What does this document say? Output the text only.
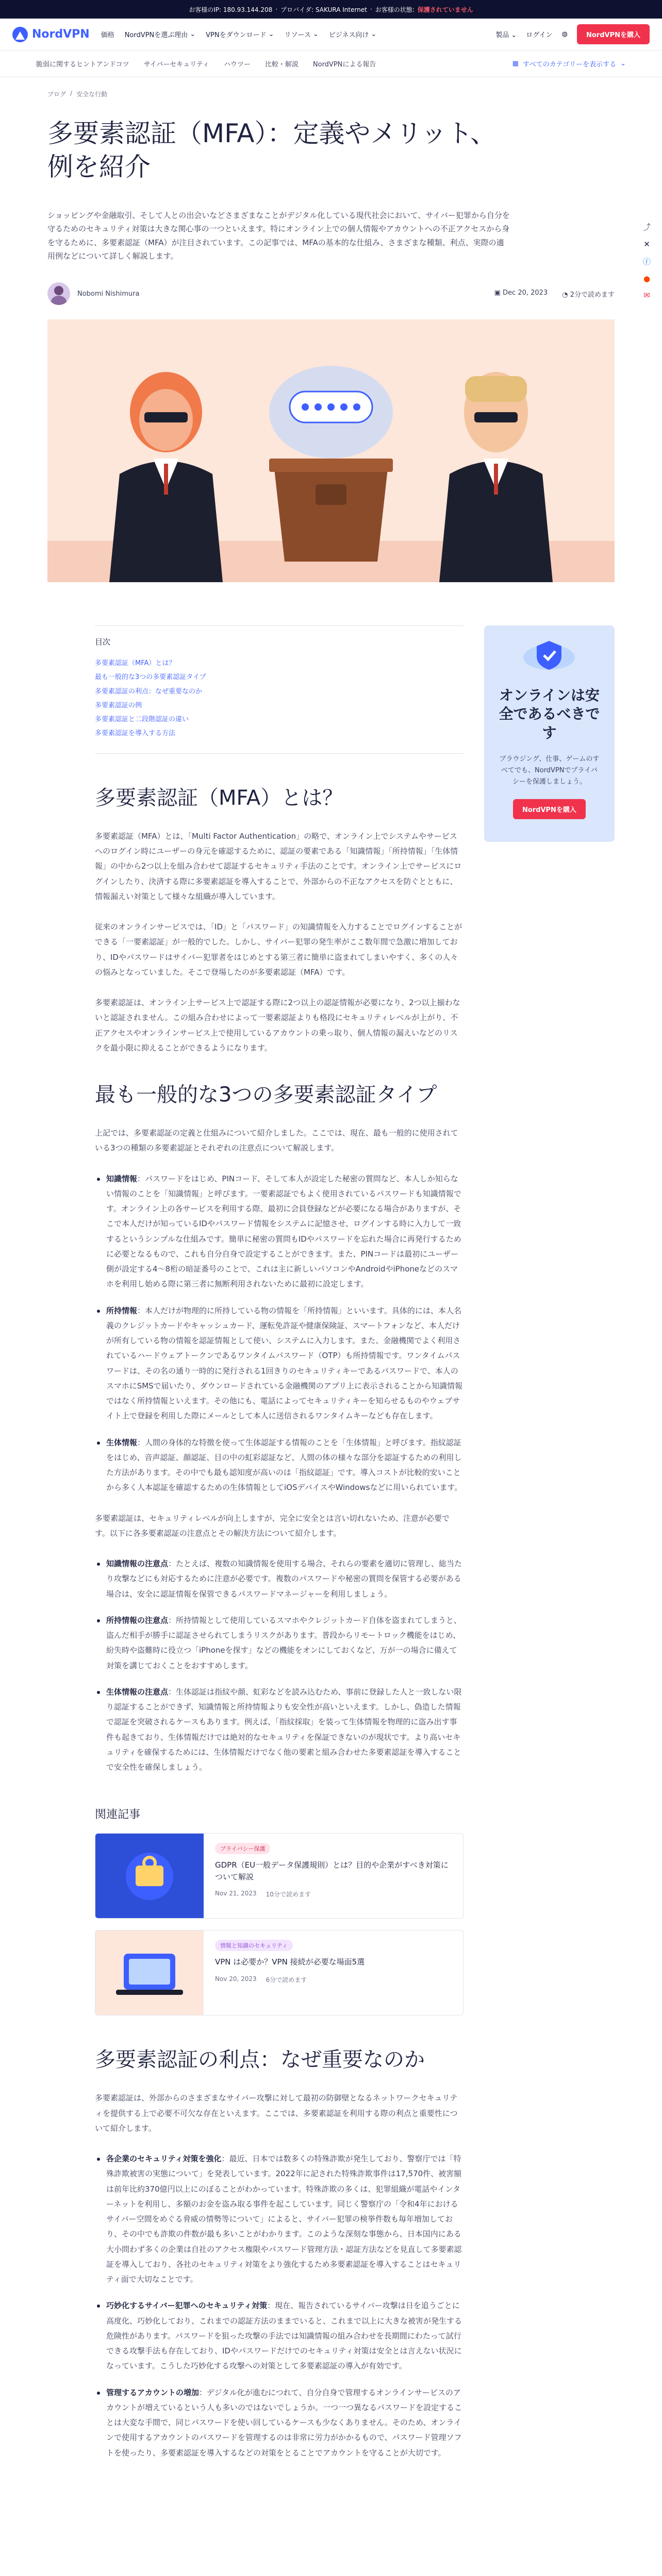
お客様のIP: 180.93.144.208 · プロバイダ: SAKURA Internet · お客様の状態: 保護されていません
NordVPN 価格 NordVPNを選ぶ理由 ⌄ VPNをダウンロード ⌄ リソース ⌄ ビジネス向け ⌄	製品 ⌄ ログイン ◍	NordVPNを購入
脆弱に関するヒントアンドコツ サイバーセキュリティ ハウツー 比較・解説 NordVPNによる報告	▦ すべてのカテゴリーを表示する ⌄
ブログ / 安全な行動
多要素認証（MFA）：定義やメリット、例を紹介
ショッピングや金融取引、そして人との出会いなどさまざまなことがデジタル化している現代社会において、サイバー犯罪から自分を守るためのセキュリティ対策は大きな関心事の一つといえます。特にオンライン上での個人情報やアカウントへの不正アクセスから身を守るために、多要素認証（MFA）が注目されています。この記事では、MFAの基本的な仕組み、さまざまな種類、利点、実際の適用例などについて詳しく解説します。
Nobomi Nishimura	▣ Dec 20, 2023 ◔ 2分で読めます
⤴
✕
ⓕ
●
✉
目次
多要素認証（MFA）とは？
最も一般的な3つの多要素認証タイプ
多要素認証の利点：なぜ重要なのか
多要素認証の例
多要素認証と二段階認証の違い
多要素認証を導入する方法
多要素認証（MFA）とは？

多要素認証（MFA）とは、「Multi Factor Authentication」の略で、オンライン上でシステムやサービスへのログイン時にユーザーの身元を確認するために、認証の要素である「知識情報」「所持情報」「生体情報」の中から2つ以上を組み合わせて認証するセキュリティ手法のことです。オンライン上でサービスにログインしたり、決済する際に多要素認証を導入することで、外部からの不正なアクセスを防ぐとともに、情報漏えい対策として様々な組織が導入しています。

従来のオンラインサービスでは、「ID」と「パスワード」の知識情報を入力することでログインすることができる「一要素認証」が一般的でした。しかし、サイバー犯罪の発生率がここ数年間で急激に増加しており、IDやパスワードはサイバー犯罪者をはじめとする第三者に簡単に盗まれてしまいやすく、多くの人々の悩みとなっていました。そこで登場したのが多要素認証（MFA）です。

多要素認証は、オンライン上サービス上で認証する際に2つ以上の認証情報が必要になり、2つ以上揃わないと認証されません。この組み合わせによって一要素認証よりも格段にセキュリティレベルが上がり、不正アクセスやオンラインサービス上で使用しているアカウントの乗っ取り、個人情報の漏えいなどのリスクを最小限に抑えることができるようになります。

最も一般的な3つの多要素認証タイプ

上記では、多要素認証の定義と仕組みについて紹介しました。ここでは、現在、最も一般的に使用されている3つの種類の多要素認証とそれぞれの注意点について解説します。

知識情報：パスワードをはじめ、PINコード、そして本人が設定した秘密の質問など、本人しか知らない情報のことを「知識情報」と呼びます。一要素認証でもよく使用されているパスワードも知識情報です。オンライン上の各サービスを利用する際、最初に会員登録などが必要になる場合がありますが、そこで本人だけが知っているIDやパスワード情報をシステムに記憶させ、ログインする時に入力して一致するというシンプルな仕組みです。簡単に秘密の質問もIDやパスワードを忘れた場合に再発行するために必要となるもので、これも自分自身で設定することができます。また、PINコードは最初にユーザー側が設定する4〜8桁の暗証番号のことで、これは主に新しいパソコンやAndroidやiPhoneなどのスマホを利用し始める際に第三者に無断利用されないために最初に設定します。
所持情報：本人だけが物理的に所持している物の情報を「所持情報」といいます。具体的には、本人名義のクレジットカードやキャッシュカード、運転免許証や健康保険証、スマートフォンなど、本人だけが所有している物の情報を認証情報として使い、システムに入力します。また、金融機関でよく利用されているハードウェアトークンであるワンタイムパスワード（OTP）も所持情報です。ワンタイムパスワードは、その名の通り一時的に発行される1回きりのセキュリティキーであるパスワードで、本人のスマホにSMSで届いたり、ダウンロードされている金融機関のアプリ上に表示されることから知識情報ではなく所持情報といえます。その他にも、電話によってセキュリティキーを知らせるものやウェブサイト上で登録を利用した際にメールとして本人に送信されるワンタイムキーなども存在します。
生体情報：人間の身体的な特徴を使って生体認証する情報のことを「生体情報」と呼びます。指紋認証をはじめ、音声認証、顔認証、目の中の虹彩認証など、人間の体の様々な部分を認証するための利用した方法があります。その中でも最も認知度が高いのは「指紋認証」です。導入コストが比較的安いことから多く人本認証を確認するための生体情報としてiOSデバイスやWindowsなどに用いられています。

多要素認証は、セキュリティレベルが向上しますが、完全に安全とは言い切れないため、注意が必要です。以下に各多要素認証の注意点とその解決方法について紹介します。

知識情報の注意点：たとえば、複数の知識情報を使用する場合、それらの要素を適切に管理し、総当たり攻撃などにも対応するために注意が必要です。複数のパスワードや秘密の質問を保管する必要がある場合は、安全に認証情報を保管できるパスワードマネージャーを利用しましょう。
所持情報の注意点：所持情報として使用しているスマホやクレジットカード自体を盗まれてしまうと、盗んだ相手が勝手に認証させられてしまうリスクがあります。普段からリモートロック機能をはじめ、紛失時や盗難時に役立つ「iPhoneを探す」などの機能をオンにしておくなど、万が一の場合に備えて対策を講じておくことをおすすめします。
生体情報の注意点：生体認証は指紋や顔、虹彩などを読み込むため、事前に登録した人と一致しない限り認証することができず、知識情報と所持情報よりも安全性が高いといえます。しかし、偽造した情報で認証を突破されるケースもあります。例えば、「指紋採取」を装って生体情報を物理的に盗み出す事件も起きており、生体情報だけでは絶対的なセキュリティを保証できないのが現状です。より高いセキュリティを確保するためには、生体情報だけでなく他の要素と組み合わせた多要素認証を導入することで安全性を確保しましょう。
関連記事
プライバシー保護
GDPR（EU一般データ保護規則）とは？目的や企業がすべき対策について解説
Nov 21, 2023 10分で読めます
情報と知識のセキュリティ
VPN は必要か？VPN 接続が必要な場面5選
Nov 20, 2023 6分で読めます
多要素認証の利点：なぜ重要なのか

多要素認証は、外部からのさまざまなサイバー攻撃に対して最初の防御壁となるネットワークセキュリティを提供する上で必要不可欠な存在といえます。ここでは、多要素認証を利用する際の利点と重要性について紹介します。

各企業のセキュリティ対策を強化：最近、日本では数多くの特殊詐欺が発生しており、警察庁では「特殊詐欺被害の実態について」を発表しています。2022年に記された特殊詐欺事件は17,570件、被害額は前年比約370億円以上にのぼることがわかっています。特殊詐欺の多くは、犯罪組織が電話やインターネットを利用し、多額のお金を盗み取る事件を起こしています。同じく警察庁の「令和4年におけるサイバー空間をめぐる脅威の情勢等について」によると、サイバー犯罪の検挙件数も毎年増加しており、その中でも詐欺の件数が最も多いことがわかります。このような深刻な事態から、日本国内にある大小問わず多くの企業は自社のアクセス権限やパスワード管理方法・認証方法などを見直して多要素認証を導入しており、各社のセキュリティ対策をより強化するため多要素認証を導入することはセキュリティ面で大切なことです。
巧妙化するサイバー犯罪へのセキュリティ対策：現在、報告されているサイバー攻撃は日を追うごとに高度化、巧妙化しており、これまでの認証方法のままでいると、これまで以上に大きな被害が発生する危険性があります。パスワードを狙った攻撃の手法では知識情報の組み合わせを長期間にわたって試行できる攻撃手法も存在しており、IDやパスワードだけでのセキュリティ対策は安全とは言えない状況になっています。こうした巧妙化する攻撃への対策として多要素認証の導入が有効です。
管理するアカウントの増加：デジタル化が進むにつれて、自分自身で管理するオンラインサービスのアカウントが増えているという人も多いのではないでしょうか。一つ一つ異なるパスワードを設定することは大変な手間で、同じパスワードを使い回しているケースも少なくありません。そのため、オンラインで使用するアカウントのパスワードを管理するのは非常に労力がかかるもので、パスワード管理ソフトを使ったり、多要素認証を導入するなどの対策をとることでアカウントを守ることが大切です。
オンラインは安全であるべきです
ブラウジング、仕事、ゲームのすべてでも、NordVPNでプライバシーを保護しましょう。
NordVPNを購入
